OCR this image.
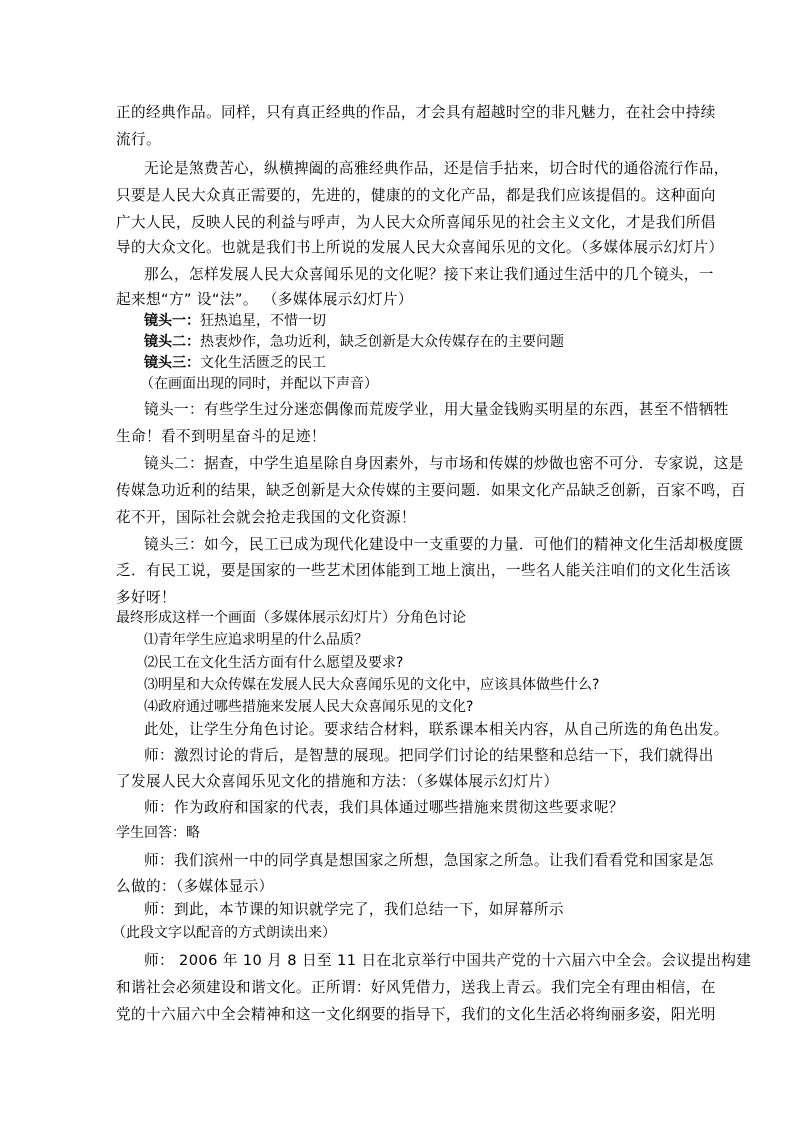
正的经典作品。同样，只有真正经典的作品，才会具有超越时空的非凡魅力，在社会中持续
流行。
无论是煞费苦心，纵横捭阖的高雅经典作品，还是信手拈来，切合时代的通俗流行作品，
只要是人民大众真正需要的，先进的，健康的的文化产品，都是我们应该提倡的。这种面向
广大人民，反映人民的利益与呼声，为人民大众所喜闻乐见的社会主义文化，才是我们所倡
导的大众文化。也就是我们书上所说的发展人民大众喜闻乐见的文化。（多媒体展示幻灯片）
那么，怎样发展人民大众喜闻乐见的文化呢？接下来让我们通过生活中的几个镜头，一
起来想“方” 设“法”。 （多媒体展示幻灯片）
镜头一：狂热追星，不惜一切
镜头二：热衷炒作，急功近利，缺乏创新是大众传媒存在的主要问题
镜头三：文化生活匮乏的民工
（在画面出现的同时，并配以下声音）
镜头一：有些学生过分迷恋偶像而荒废学业，用大量金钱购买明星的东西，甚至不惜牺牲
生命！看不到明星奋斗的足迹！
镜头二：据查，中学生追星除自身因素外，与市场和传媒的炒做也密不可分．专家说，这是
传媒急功近利的结果，缺乏创新是大众传媒的主要问题．如果文化产品缺乏创新，百家不鸣，百
花不开，国际社会就会抢走我国的文化资源！
镜头三：如今，民工已成为现代化建设中一支重要的力量．可他们的精神文化生活却极度匮
乏．有民工说，要是国家的一些艺术团体能到工地上演出，一些名人能关注咱们的文化生活该
多好呀！
最终形成这样一个画面（多媒体展示幻灯片）分角色讨论
⑴青年学生应追求明星的什么品质？
⑵民工在文化生活方面有什么愿望及要求?
⑶明星和大众传媒在发展人民大众喜闻乐见的文化中，应该具体做些什么?
⑷政府通过哪些措施来发展人民大众喜闻乐见的文化?
此处，让学生分角色讨论。要求结合材料，联系课本相关内容，从自己所选的角色出发。
师：激烈讨论的背后，是智慧的展现。把同学们讨论的结果整和总结一下，我们就得出
了发展人民大众喜闻乐见文化的措施和方法：（多媒体展示幻灯片）
师：作为政府和国家的代表，我们具体通过哪些措施来贯彻这些要求呢？
学生回答：略
师：我们滨州一中的同学真是想国家之所想，急国家之所急。让我们看看党和国家是怎
么做的：（多媒体显示）
师：到此，本节课的知识就学完了，我们总结一下，如屏幕所示
（此段文字以配音的方式朗读出来）
师： 2006 年 10 月 8 日至 11 日在北京举行中国共产党的十六届六中全会。会议提出构建
和谐社会必须建设和谐文化。正所谓：好风凭借力，送我上青云。我们完全有理由相信，在
党的十六届六中全会精神和这一文化纲要的指导下，我们的文化生活必将绚丽多姿，阳光明
